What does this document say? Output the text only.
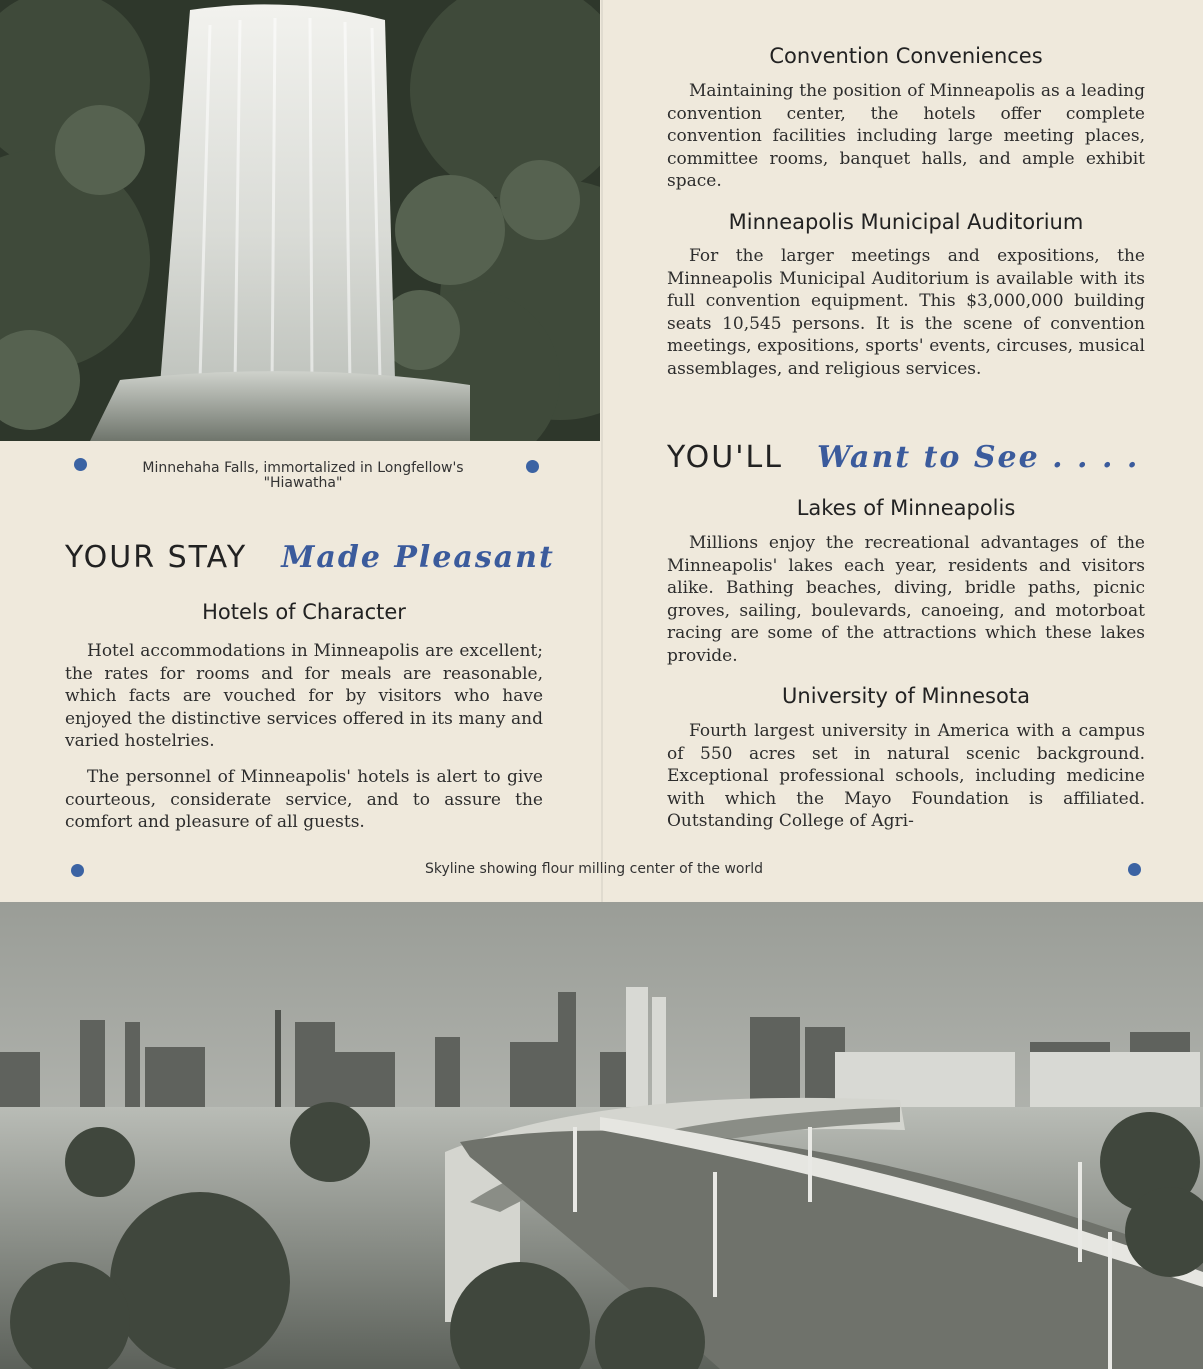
Minnehaha Falls, immortalized in Longfellow's "Hiawatha"
YOUR STAY Made Pleasant
Hotels of Character
Hotel accommodations in Minneapolis are excellent; the rates for rooms and for meals are reasonable, which facts are vouched for by visitors who have enjoyed the distinctive services offered in its many and varied hostelries.
The personnel of Minneapolis' hotels is alert to give courteous, considerate service, and to assure the comfort and pleasure of all guests.
Convention Conveniences
Maintaining the position of Minneapolis as a leading convention center, the hotels offer complete convention facilities including large meeting places, committee rooms, banquet halls, and ample exhibit space.
Minneapolis Municipal Auditorium
For the larger meetings and expositions, the Minneapolis Municipal Auditorium is available with its full convention equipment. This $3,000,000 building seats 10,545 persons. It is the scene of convention meetings, expositions, sports' events, circuses, musical assemblages, and religious services.
YOU'LL Want to See . . . .
Lakes of Minneapolis
Millions enjoy the recreational advantages of the Minneapolis' lakes each year, residents and visitors alike. Bathing beaches, diving, bridle paths, picnic groves, sailing, boulevards, canoeing, and motorboat racing are some of the attractions which these lakes provide.
University of Minnesota
Fourth largest university in America with a campus of 550 acres set in natural scenic background. Exceptional professional schools, including medicine with which the Mayo Foundation is affiliated. Outstanding College of Agri-
Skyline showing flour milling center of the world
